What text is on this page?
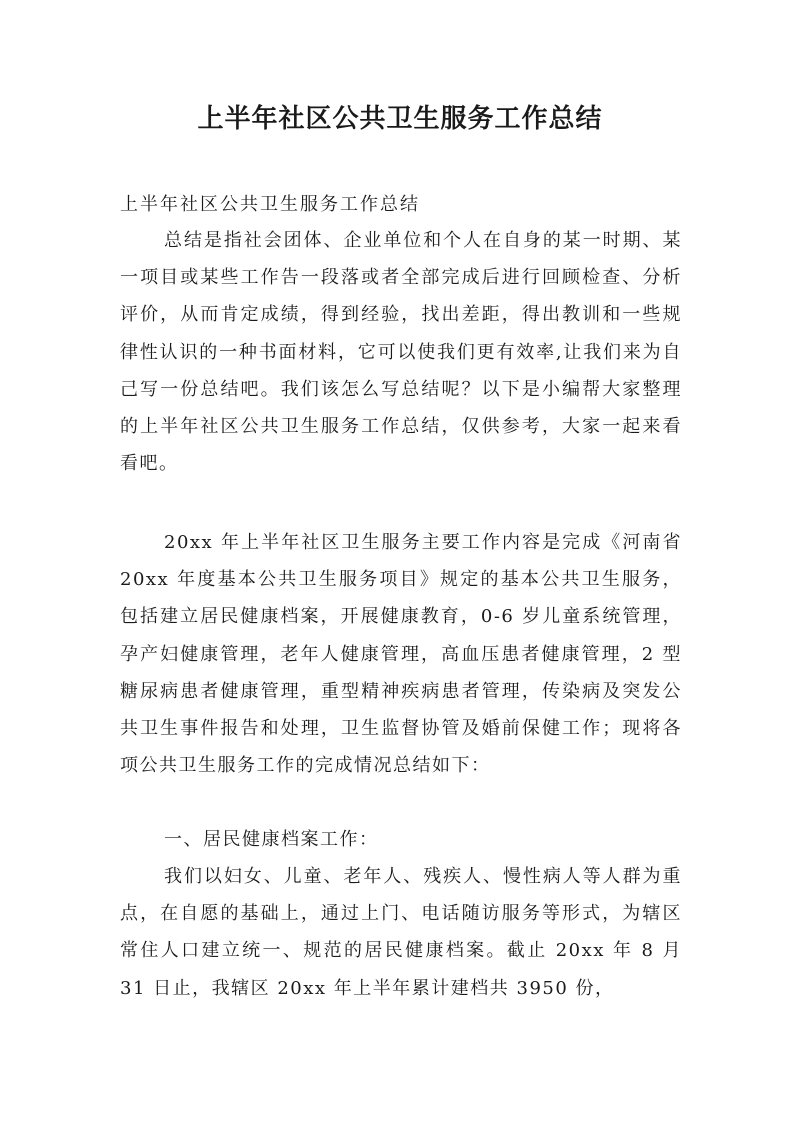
上半年社区公共卫生服务工作总结

上半年社区公共卫生服务工作总结

总结是指社会团体、企业单位和个人在自身的某一时期、某一项目或某些工作告一段落或者全部完成后进行回顾检查、分析评价，从而肯定成绩，得到经验，找出差距，得出教训和一些规律性认识的一种书面材料，它可以使我们更有效率,让我们来为自己写一份总结吧。我们该怎么写总结呢？以下是小编帮大家整理的上半年社区公共卫生服务工作总结，仅供参考，大家一起来看看吧。

20xx 年上半年社区卫生服务主要工作内容是完成《河南省 20xx 年度基本公共卫生服务项目》规定的基本公共卫生服务，包括建立居民健康档案，开展健康教育，0-6 岁儿童系统管理，孕产妇健康管理，老年人健康管理，高血压患者健康管理，2 型糖尿病患者健康管理，重型精神疾病患者管理，传染病及突发公共卫生事件报告和处理，卫生监督协管及婚前保健工作；现将各项公共卫生服务工作的完成情况总结如下：

一、居民健康档案工作：

我们以妇女、儿童、老年人、残疾人、慢性病人等人群为重点，在自愿的基础上，通过上门、电话随访服务等形式，为辖区常住人口建立统一、规范的居民健康档案。截止 20xx 年 8 月 31 日止，我辖区 20xx 年上半年累计建档共 3950 份，
